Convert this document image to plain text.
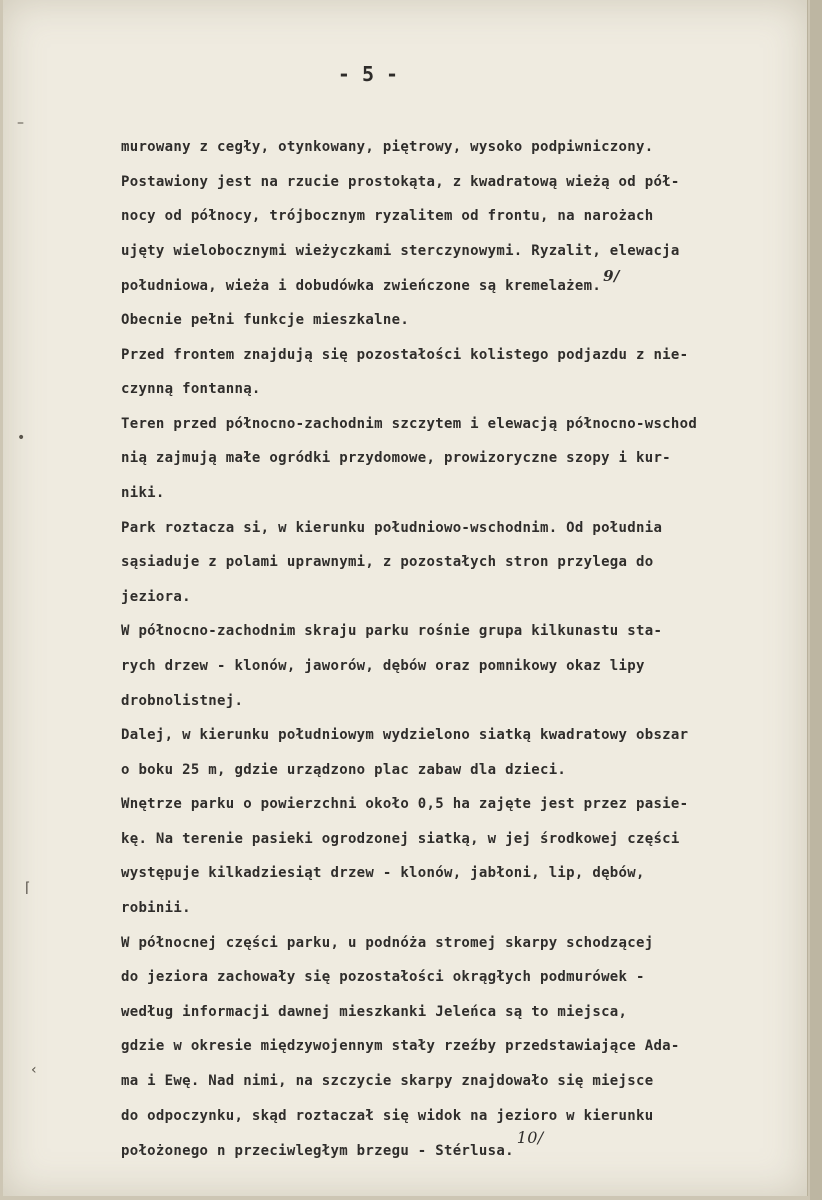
- 5 -
murowany z cegły, otynkowany, piętrowy, wysoko podpiwniczony.
Postawiony jest na rzucie prostokąta, z kwadratową wieżą od pół-
nocy od północy, trójbocznym ryzalitem od frontu, na narożach
ujęty wielobocznymi wieżyczkami sterczynowymi. Ryzalit, elewacja
południowa, wieża i dobudówka zwieńczone są kremelażem.9/
Obecnie pełni funkcje mieszkalne.
Przed frontem znajdują się pozostałości kolistego podjazdu z nie-
czynną fontanną.
Teren przed północno-zachodnim szczytem i elewacją północno-wschod
nią zajmują małe ogródki przydomowe, prowizoryczne szopy i kur-
niki.
Park roztacza si, w kierunku południowo-wschodnim. Od południa
sąsiaduje z polami uprawnymi, z pozostałych stron przylega do
jeziora.
W północno-zachodnim skraju parku rośnie grupa kilkunastu sta-
rych drzew - klonów, jaworów, dębów oraz pomnikowy okaz lipy
drobnolistnej.
Dalej, w kierunku południowym wydzielono siatką kwadratowy obszar
o boku 25 m, gdzie urządzono plac zabaw dla dzieci.
Wnętrze parku o powierzchni około 0,5 ha zajęte jest przez pasie-
kę. Na terenie pasieki ogrodzonej siatką, w jej środkowej części
występuje kilkadziesiąt drzew - klonów, jabłoni, lip, dębów,
robinii.
W północnej części parku, u podnóża stromej skarpy schodzącej
do jeziora zachowały się pozostałości okrągłych podmurówek -
według informacji dawnej mieszkanki Jeleńca są to miejsca,
gdzie w okresie międzywojennym stały rzeźby przedstawiające Ada-
ma i Ewę. Nad nimi, na szczycie skarpy znajdowało się miejsce
do odpoczynku, skąd roztaczał się widok na jezioro w kierunku
położonego n przeciwległym brzegu - Stérlusa.10/
–
•
⌈
‹
